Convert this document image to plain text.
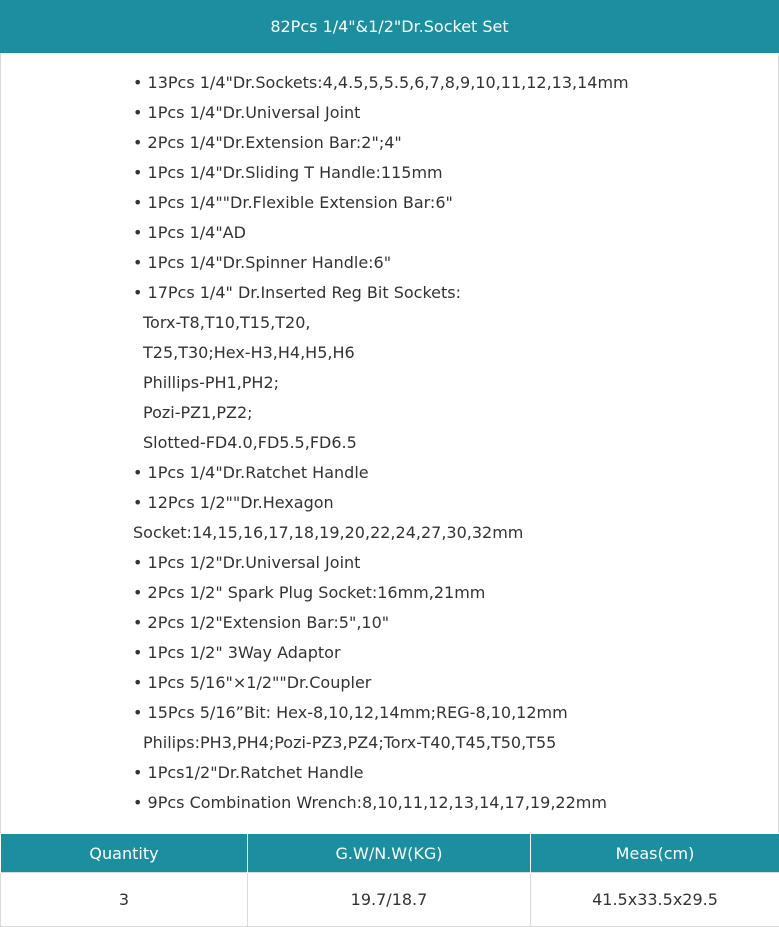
82Pcs 1/4"&1/2"Dr.Socket Set
• 13Pcs 1/4"Dr.Sockets:4,4.5,5,5.5,6,7,8,9,10,11,12,13,14mm
• 1Pcs 1/4"Dr.Universal Joint
• 2Pcs 1/4"Dr.Extension Bar:2";4"
• 1Pcs 1/4"Dr.Sliding T Handle:115mm
• 1Pcs 1/4""Dr.Flexible Extension Bar:6"
• 1Pcs 1/4"AD
• 1Pcs 1/4"Dr.Spinner Handle:6"
• 17Pcs 1/4" Dr.Inserted Reg Bit Sockets:
Torx-T8,T10,T15,T20,
T25,T30;Hex-H3,H4,H5,H6
Phillips-PH1,PH2;
Pozi-PZ1,PZ2;
Slotted-FD4.0,FD5.5,FD6.5
• 1Pcs 1/4"Dr.Ratchet Handle
• 12Pcs 1/2""Dr.Hexagon
Socket:14,15,16,17,18,19,20,22,24,27,30,32mm
• 1Pcs 1/2"Dr.Universal Joint
• 2Pcs 1/2" Spark Plug Socket:16mm,21mm
• 2Pcs 1/2"Extension Bar:5",10"
• 1Pcs 1/2" 3Way Adaptor
• 1Pcs 5/16"×1/2""Dr.Coupler
• 15Pcs 5/16”Bit: Hex-8,10,12,14mm;REG-8,10,12mm
Philips:PH3,PH4;Pozi-PZ3,PZ4;Torx-T40,T45,T50,T55
• 1Pcs1/2"Dr.Ratchet Handle
• 9Pcs Combination Wrench:8,10,11,12,13,14,17,19,22mm
Quantity	G.W/N.W(KG)	Meas(cm)
3	19.7/18.7	41.5x33.5x29.5
